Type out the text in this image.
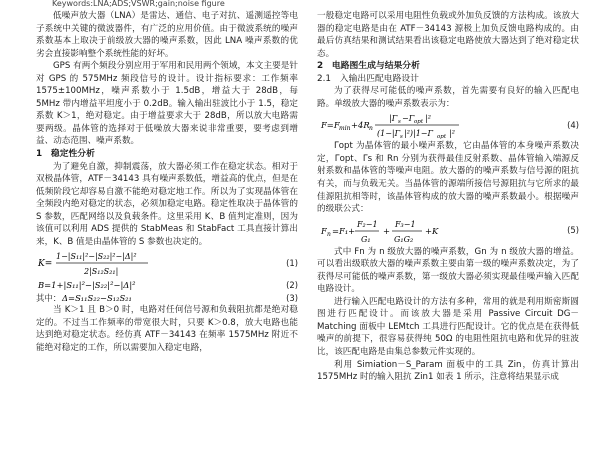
Keywords:LNA;ADS;VSWR;gain;noise figure

低噪声放大器（LNA）是雷达、通信、电子对抗、遥测遥控等电子系统中关键的微波器件，有广泛的应用价值。由于微波系统的噪声系数基本上取决于前级放大器的噪声系数，因此 LNA 噪声系数的优劣会直接影响整个系统性能的好坏。

GPS 有两个频段分别应用于军用和民用两个领域，本文主要是针对 GPS 的 575MHz 频段信号的设计。设计指标要求：工作频率 1575±100MHz，噪声系数小于 1.5dB，增益大于 28dB，每 5MHz 带内增益平坦度小于 0.2dB。输入输出驻波比小于 1.5，稳定系数 K＞1，绝对稳定。由于增益要求大于 28dB，所以放大电路需要两级。晶体管的选择对于低噪放大器来说非常重要，要考虑到增益、动态范围、噪声系数。

1　稳定性分析

为了避免自激，抑制震荡，放大器必须工作在稳定状态。相对于双极晶体管，ATF－34143 具有噪声系数低，增益高的优点，但是在低频阶段它却容易自激不能绝对稳定地工作。所以为了实现晶体管在全频段内绝对稳定的状态，必须加稳定电路。稳定性取决于晶体管的 S 参数，匹配网络以及負载条件。这里采用 K、B 值判定准则，因为该值可以利用 ADS 提供的 StabMeas 和 StabFact 工具直接计算出来，K、B 值是由晶体管的 S 参数也决定的。

K=
1−|S₁₁|²−|S₂₂|²−|Δ|²
2|S₁₂S₂₁|
(1)
B=1+|S₁₁|²−|S₂₂|²−|Δ|²	(2)
其中： Δ=S₁₁S₂₂−S₁₂S₂₁	(3)

当 K＞1 且 B＞0 时，电路对任何信号源和负载阻抗都是绝对稳定的。不过当工作频率的带宽很大时，只要 K＞0.8，放大电路也能达到绝对稳定状态。经仿真 ATF－34143 在频率 1575MHz 附近不能绝对稳定的工作，所以需要加入稳定电路，

一般稳定电路可以采用电阻性负载或外加负反馈的方法构成。该放大器的稳定电路是由在 ATF－34143 源极上加负反馈电路构成的。由最后仿真结果和测试结果看出该稳定电路使放大器达到了绝对稳定状态。

2　电路图生成与结果分析

2.1　入输出匹配电路设计

为了获得尽可能低的噪声系数，首先需要有良好的输入匹配电路。单级放大器的噪声系数表示为：

F=F min +4R n
|Γ s −Γ opt |²
(1−|Γ s |²)|1−Γ opt |²
(4)

Γopt 为晶体管的最小噪声系数，它由晶体管的本身噪声系数决定，Γopt、Γs 和 Rn 分别为获得最佳反射系数、晶体管输入端源反射系数和晶体管的等噪声电阻。放大器的的噪声系数与信号源的阻抗有关，而与负载无关。当晶体管的源端所接信号源阻抗与它所求的最佳源阻抗相等时，该晶体管构成的放大器的噪声系数最小。根据噪声的级联公式：

F n =F₁+
F₂−1
G₁
+
F₃−1
G₁G₂
+K	(5)

式中 Fn 为 n 级放大器的噪声系数，Gn 为 n 级放大器的增益。可以看出级联放大器的噪声系数主要由第一级的噪声系数决定，为了获得尽可能低的噪声系数，第一级放大器必须实现最佳噪声输入匹配电路设计。

进行输入匹配电路设计的方法有多种，常用的就是利用斯密斯圆图进行匹配设计。而该放大器是采用 Passive Circuit DG－Matching 面板中 LEMtch 工具进行匹配设计。它的优点是在获得低噪声的前提下，很容易获得纯 50Ω 的电阻性阻抗电路和优异的驻波比，该匹配电路是由集总参数元件实现的。

利用 Simiation－S_Param 面板中的工具 Zin，仿真计算出 1575MHz 时的输入阻抗 Zin1 如表 1 所示，注意将结果显示成
